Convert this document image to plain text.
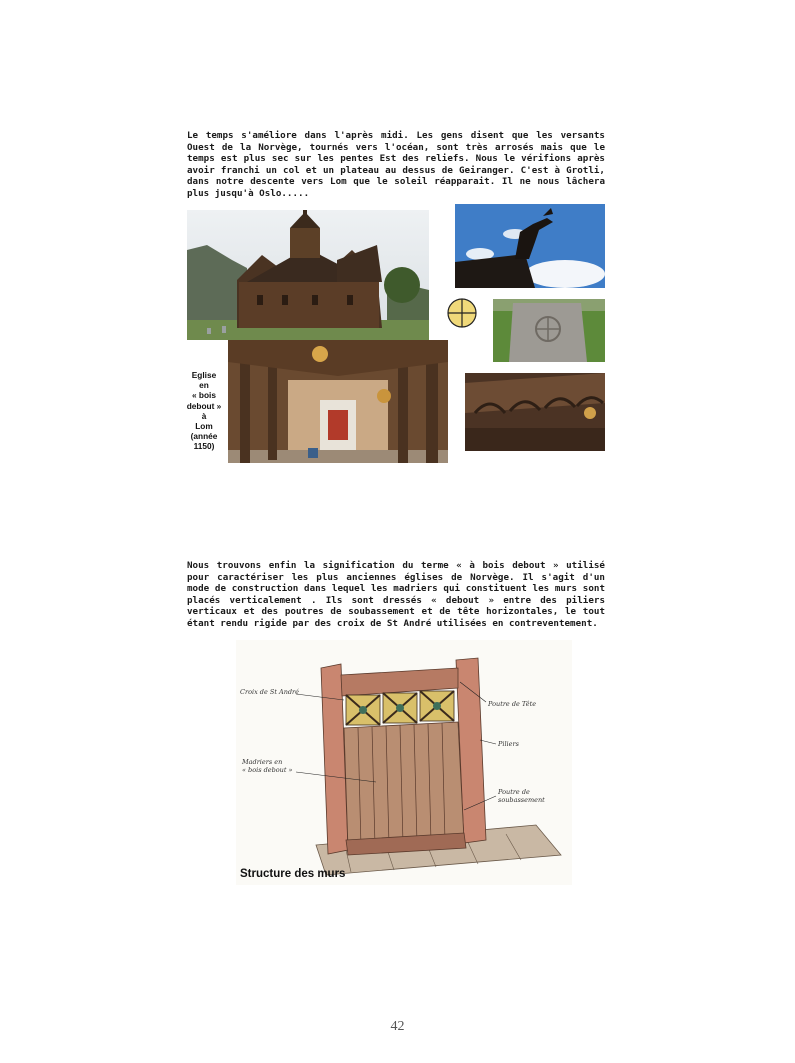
Le temps s'améliore dans l'après midi. Les gens disent que les versants Ouest de la Norvège, tournés vers l'océan, sont très arrosés mais que le temps est plus sec sur les pentes Est des reliefs. Nous le vérifions après avoir franchi un col et un plateau au dessus de Geiranger. C'est à Grotli, dans notre descente vers Lom que le soleil réapparait. Il ne nous lâchera plus jusqu'à Oslo.....
Eglise
en
« bois
debout »
à
Lom
(année 1150)
Nous trouvons enfin la signification du terme « à bois debout » utilisé pour caractériser les plus anciennes églises de Norvège. Il s'agit d'un mode de construction dans lequel les madriers qui constituent les murs sont placés verticalement . Ils sont dressés « debout » entre des piliers verticaux et des poutres de soubassement et de tête horizontales, le tout étant rendu rigide par des croix de St André utilisées en contreventement.
Croix de St André
Poutre de Tête
Piliers
Madriers en
« bois debout »
Poutre de soubassement
Structure des murs
42
